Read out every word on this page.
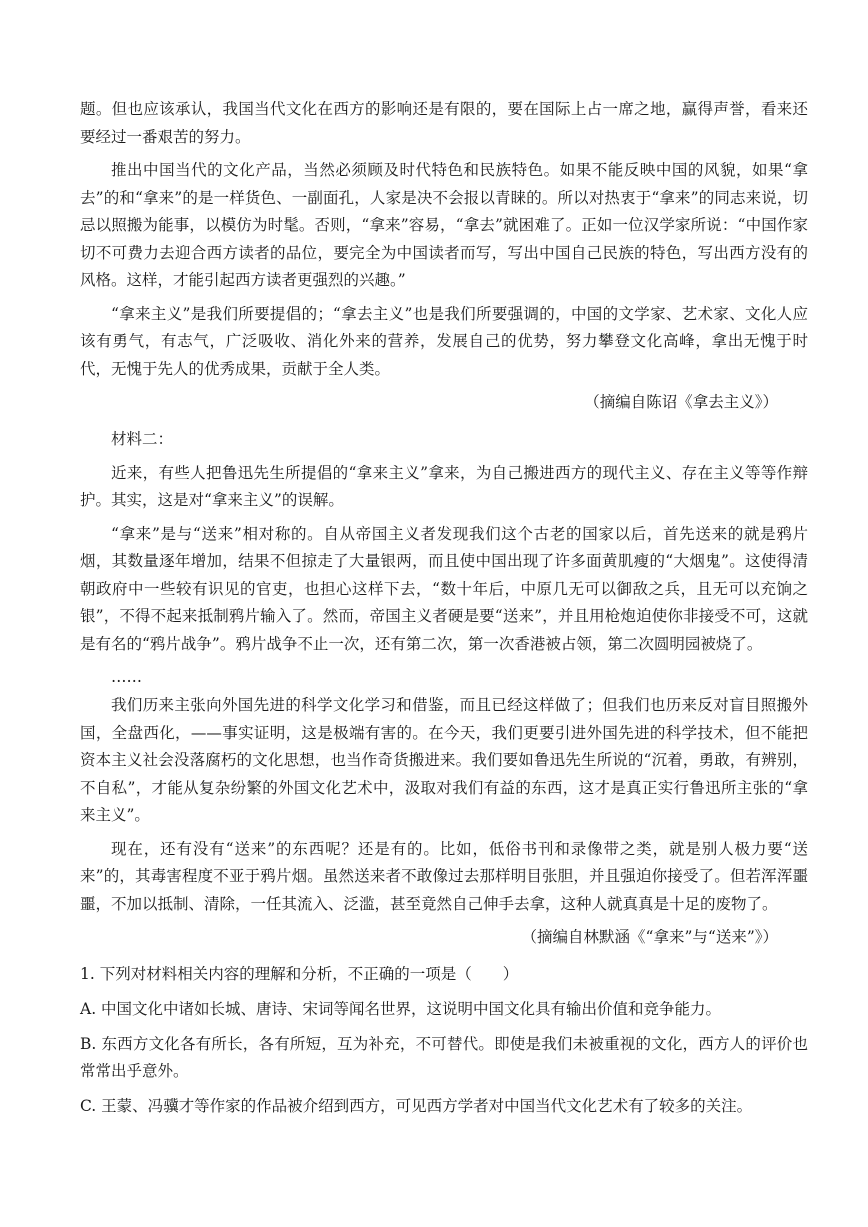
题。但也应该承认，我国当代文化在西方的影响还是有限的，要在国际上占一席之地，赢得声誉，看来还要经过一番艰苦的努力。

推出中国当代的文化产品，当然必须顾及时代特色和民族特色。如果不能反映中国的风貌，如果“拿去”的和“拿来”的是一样货色、一副面孔，人家是决不会报以青睐的。所以对热衷于“拿来”的同志来说，切忌以照搬为能事，以模仿为时髦。否则，“拿来”容易，“拿去”就困难了。正如一位汉学家所说：“中国作家切不可费力去迎合西方读者的品位，要完全为中国读者而写，写出中国自己民族的特色，写出西方没有的风格。这样，才能引起西方读者更强烈的兴趣。”

“拿来主义”是我们所要提倡的；“拿去主义”也是我们所要强调的，中国的文学家、艺术家、文化人应该有勇气，有志气，广泛吸收、消化外来的营养，发展自己的优势，努力攀登文化高峰，拿出无愧于时代，无愧于先人的优秀成果，贡献于全人类。

（摘编自陈诏《拿去主义》）

材料二：

近来，有些人把鲁迅先生所提倡的“拿来主义”拿来，为自己搬进西方的现代主义、存在主义等等作辩护。其实，这是对“拿来主义”的误解。

“拿来”是与“送来”相对称的。自从帝国主义者发现我们这个古老的国家以后，首先送来的就是鸦片烟，其数量逐年增加，结果不但掠走了大量银两，而且使中国出现了许多面黄肌瘦的“大烟鬼”。这使得清朝政府中一些较有识见的官吏，也担心这样下去，“数十年后，中原几无可以御敌之兵，且无可以充饷之银”，不得不起来抵制鸦片输入了。然而，帝国主义者硬是要“送来”，并且用枪炮迫使你非接受不可，这就是有名的“鸦片战争”。鸦片战争不止一次，还有第二次，第一次香港被占领，第二次圆明园被烧了。

……

我们历来主张向外国先进的科学文化学习和借鉴，而且已经这样做了；但我们也历来反对盲目照搬外国，全盘西化，——事实证明，这是极端有害的。在今天，我们更要引进外国先进的科学技术，但不能把资本主义社会没落腐朽的文化思想，也当作奇货搬进来。我们要如鲁迅先生所说的“沉着，勇敢，有辨别，不自私”，才能从复杂纷繁的外国文化艺术中，汲取对我们有益的东西，这才是真正实行鲁迅所主张的“拿来主义”。

现在，还有没有“送来”的东西呢？还是有的。比如，低俗书刊和录像带之类，就是别人极力要“送来”的，其毒害程度不亚于鸦片烟。虽然送来者不敢像过去那样明目张胆，并且强迫你接受了。但若浑浑噩噩，不加以抵制、清除，一任其流入、泛滥，甚至竟然自己伸手去拿，这种人就真真是十足的废物了。

（摘编自林默涵《“拿来”与“送来”》）

1. 下列对材料相关内容的理解和分析，不正确的一项是（　　）

A. 中国文化中诸如长城、唐诗、宋词等闻名世界，这说明中国文化具有输出价值和竞争能力。

B. 东西方文化各有所长，各有所短，互为补充，不可替代。即使是我们未被重视的文化，西方人的评价也常常出乎意外。

C. 王蒙、冯骥才等作家的作品被介绍到西方，可见西方学者对中国当代文化艺术有了较多的关注。
